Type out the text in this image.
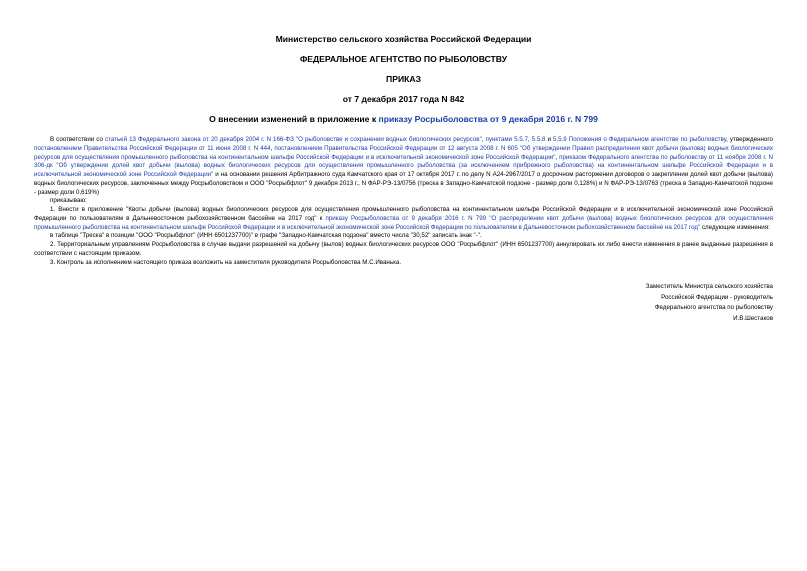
Министерство сельского хозяйства Российской Федерации
ФЕДЕРАЛЬНОЕ АГЕНТСТВО ПО РЫБОЛОВСТВУ
ПРИКАЗ
от 7 декабря 2017 года N 842
О внесении изменений в приложение к приказу Росрыболовства от 9 декабря 2016 г. N 799

В соответствии со статьей 13 Федерального закона от 20 декабря 2004 г. N 166-ФЗ "О рыболовстве и сохранении водных биологических ресурсов", пунктами 5.5.7, 5.5.8 и 5.5.9 Положения о Федеральном агентстве по рыболовству, утвержденного постановлением Правительства Российской Федерации от 11 июня 2008 г. N 444, постановлением Правительства Российской Федерации от 12 августа 2008 г. N 605 "Об утверждении Правил распределения квот добычи (вылова) водных биологических ресурсов для осуществления промышленного рыболовства на континентальном шельфе Российской Федерации и в исключительной экономической зоне Российской Федерации", приказом Федерального агентства по рыболовству от 11 ноября 2008 г. N 306-дк "Об утверждении долей квот добычи (вылова) водных биологических ресурсов для осуществления промышленного рыболовства (за исключением прибрежного рыболовства) на континентальном шельфе Российской Федерации и в исключительной экономической зоне Российской Федерации" и на основании решения Арбитражного суда Камчатского края от 17 октября 2017 г. по делу N А24-2967/2017 о досрочном расторжении договоров о закреплении долей квот добычи (вылова) водных биологических ресурсов, заключенных между Росрыболовством и ООО "Росрыбфлот" 9 декабря 2013 г., N ФАР-РЭ-13/0756 (треска в Западно-Камчатской подзоне - размер доли 0,128%) и N ФАР-РЭ-13/0763 (треска в Западно-Камчатской подзоне - размер доли 0,619%)

приказываю:

1. Внести в приложение "Квоты добычи (вылова) водных биологических ресурсов для осуществления промышленного рыболовства на континентальном шельфе Российской Федерации и в исключительной экономической зоне Российской Федерации по пользователям в Дальневосточном рыбохозяйственном бассейне на 2017 год" к приказу Росрыболовства от 9 декабря 2016 г. N 799 "О распределении квот добычи (вылова) водных биологических ресурсов для осуществления промышленного рыболовства на континентальном шельфе Российской Федерации и в исключительной экономической зоне Российской Федерации по пользователям в Дальневосточном рыбохозяйственном бассейне на 2017 год" следующие изменения:

в таблице "Треска" в позиции "ООО "Росрыбфлот" (ИНН 6501237700)" в графе "Западно-Камчатская подзона" вместо числа "30,52" записать знак "-".

2. Территориальным управлениям Росрыболовства в случае выдачи разрешений на добычу (вылов) водных биологических ресурсов ООО "Росрыбфлот" (ИНН 6501237700) аннулировать их либо внести изменения в ранее выданные разрешения в соответствии с настоящим приказом.

3. Контроль за исполнением настоящего приказа возложить на заместителя руководителя Росрыболовства М.С.Иванька.

Заместитель Министра сельского хозяйства
Российской Федерации - руководитель
Федерального агентства по рыболовству
И.В.Шестаков
